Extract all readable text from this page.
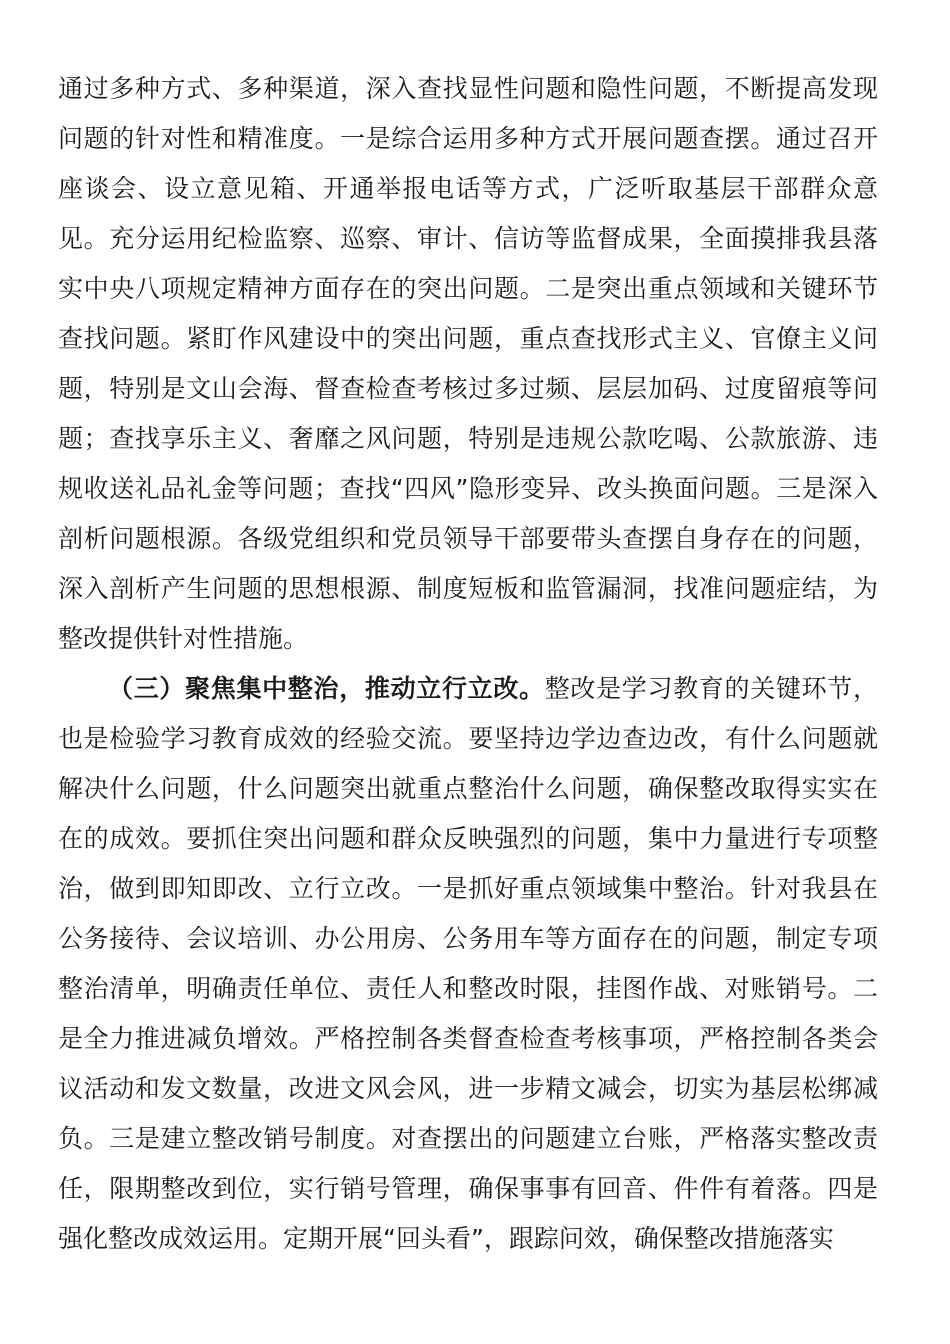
通过多种方式、多种渠道，深入查找显性问题和隐性问题，不断提高发现问题的针对性和精准度。一是综合运用多种方式开展问题查摆。通过召开座谈会、设立意见箱、开通举报电话等方式，广泛听取基层干部群众意见。充分运用纪检监察、巡察、审计、信访等监督成果，全面摸排我县落实中央八项规定精神方面存在的突出问题。二是突出重点领域和关键环节查找问题。紧盯作风建设中的突出问题，重点查找形式主义、官僚主义问题，特别是文山会海、督查检查考核过多过频、层层加码、过度留痕等问题；查找享乐主义、奢靡之风问题，特别是违规公款吃喝、公款旅游、违规收送礼品礼金等问题；查找“四风”隐形变异、改头换面问题。三是深入剖析问题根源。各级党组织和党员领导干部要带头查摆自身存在的问题，深入剖析产生问题的思想根源、制度短板和监管漏洞，找准问题症结，为整改提供针对性措施。

（三）聚焦集中整治，推动立行立改。整改是学习教育的关键环节，也是检验学习教育成效的经验交流。要坚持边学边查边改，有什么问题就解决什么问题，什么问题突出就重点整治什么问题，确保整改取得实实在在的成效。要抓住突出问题和群众反映强烈的问题，集中力量进行专项整治，做到即知即改、立行立改。一是抓好重点领域集中整治。针对我县在公务接待、会议培训、办公用房、公务用车等方面存在的问题，制定专项整治清单，明确责任单位、责任人和整改时限，挂图作战、对账销号。二是全力推进减负增效。严格控制各类督查检查考核事项，严格控制各类会议活动和发文数量，改进文风会风，进一步精文减会，切实为基层松绑减负。三是建立整改销号制度。对查摆出的问题建立台账，严格落实整改责任，限期整改到位，实行销号管理，确保事事有回音、件件有着落。四是强化整改成效运用。定期开展“回头看”，跟踪问效，确保整改措施落实
